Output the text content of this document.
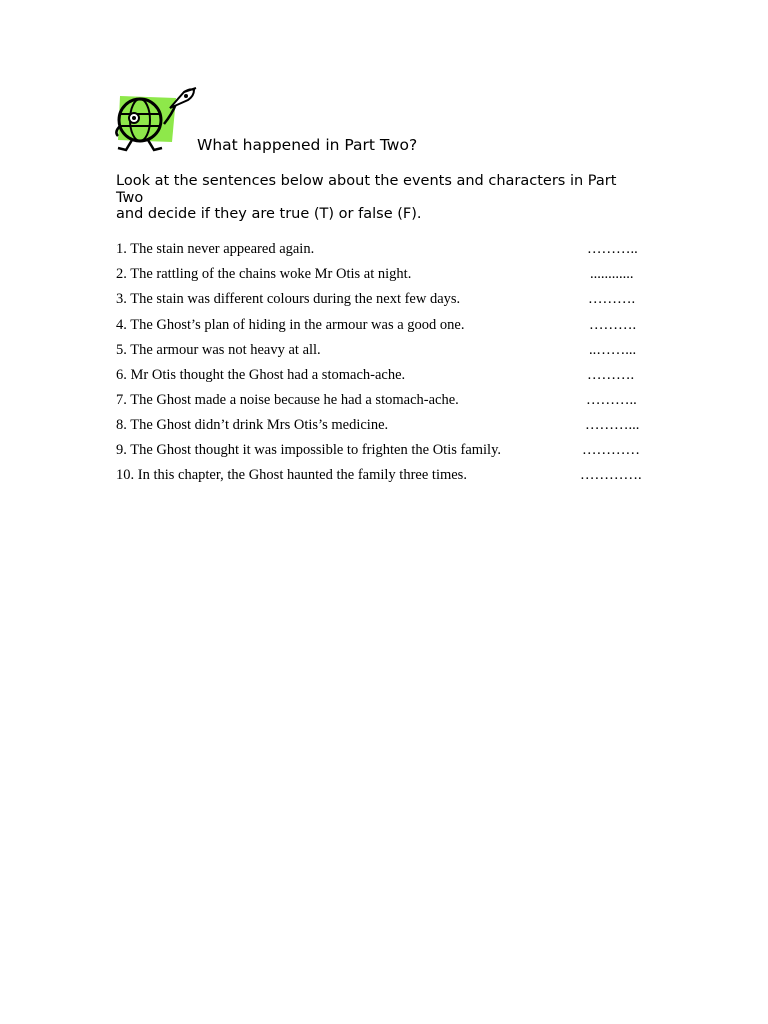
What happened in Part Two?
Look at the sentences below about the events and characters in Part
Two
and decide if they are true (T) or false (F).
1. The stain never appeared again.	………..
2. The rattling of the chains woke Mr Otis at night.	............
3. The stain was different colours during the next few days.	……….
4. The Ghost’s plan of hiding in the armour was a good one.	……….
5. The armour was not heavy at all.	..……...
6. Mr Otis thought the Ghost had a stomach-ache.	……….
7. The Ghost made a noise because he had a stomach-ache.	………..
8. The Ghost didn’t drink Mrs Otis’s medicine.	………...
9. The Ghost thought it was impossible to frighten the Otis family.	…………
10. In this chapter, the Ghost haunted the family three times.	………….
